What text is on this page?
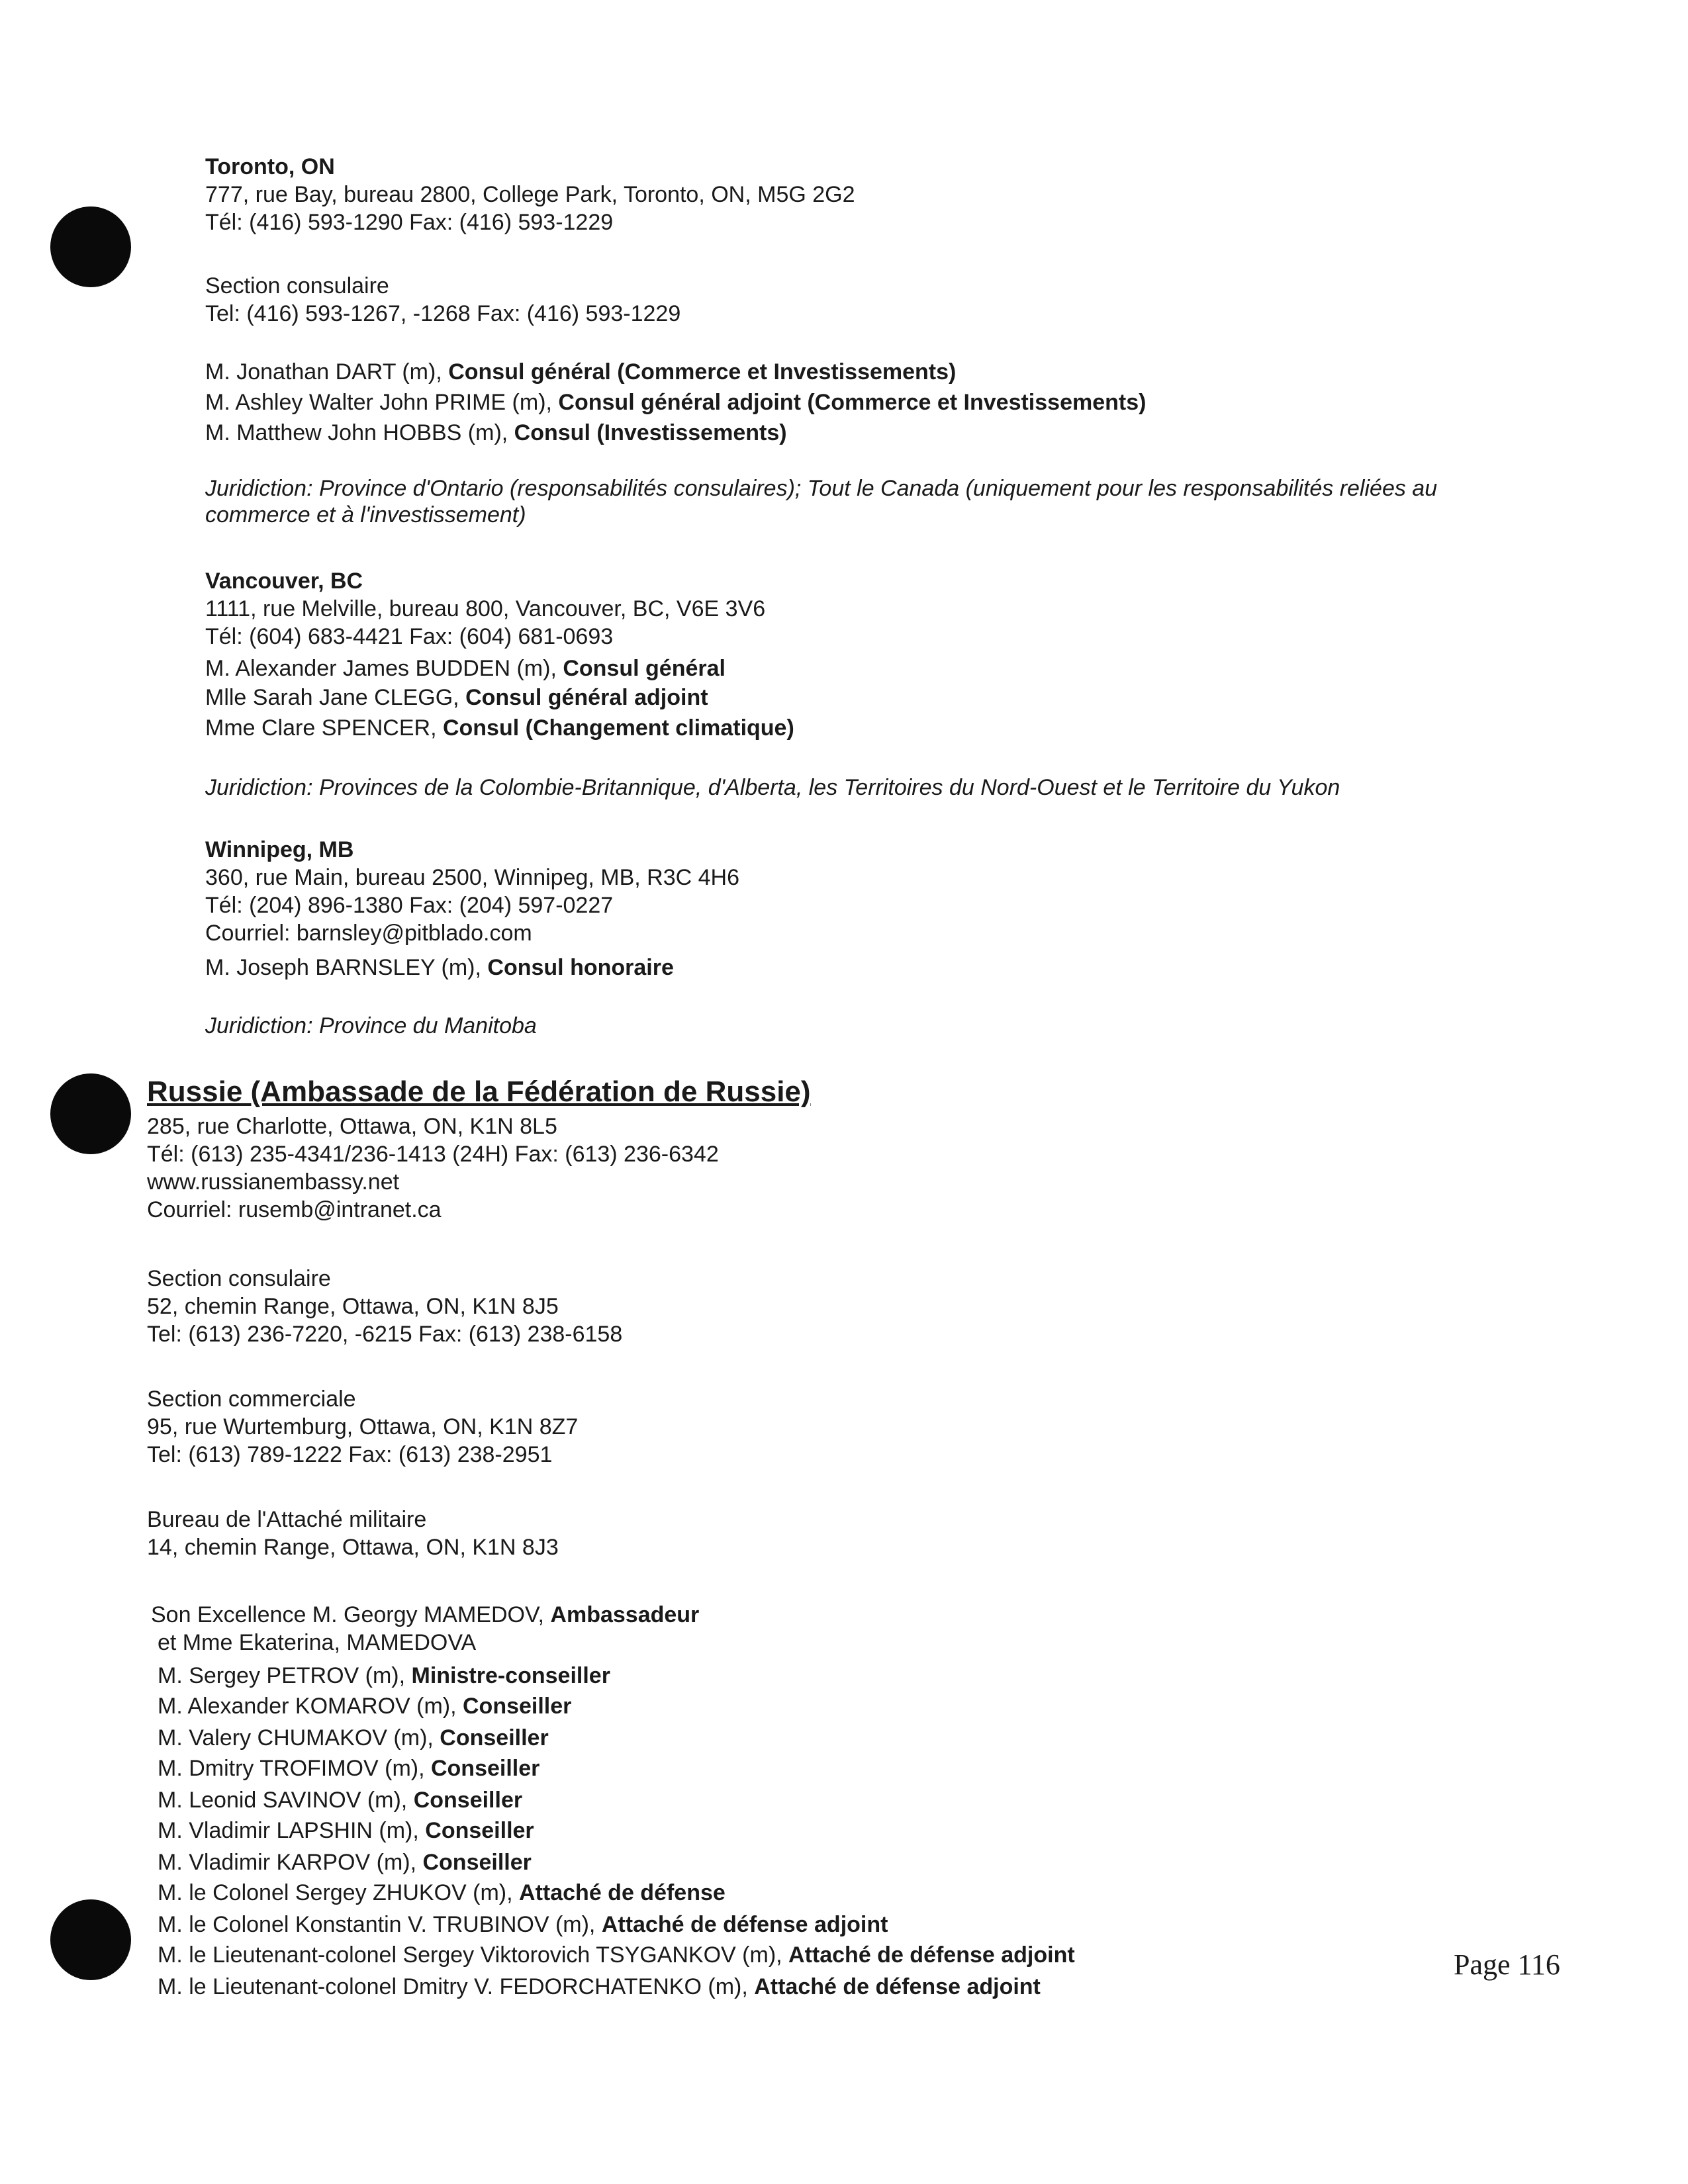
Toronto, ON
777, rue Bay, bureau 2800, College Park, Toronto, ON, M5G 2G2
Tél: (416) 593-1290 Fax: (416) 593-1229
Section consulaire
Tel: (416) 593-1267, -1268 Fax: (416) 593-1229
M. Jonathan DART (m), Consul général (Commerce et Investissements)
M. Ashley Walter John PRIME (m), Consul général adjoint (Commerce et Investissements)
M. Matthew John HOBBS (m), Consul (Investissements)
Juridiction: Province d'Ontario (responsabilités consulaires); Tout le Canada (uniquement pour les responsabilités reliées au commerce et à l'investissement)
Vancouver, BC
1111, rue Melville, bureau 800, Vancouver, BC, V6E 3V6
Tél: (604) 683-4421 Fax: (604) 681-0693
M. Alexander James BUDDEN (m), Consul général
Mlle Sarah Jane CLEGG, Consul général adjoint
Mme Clare SPENCER, Consul (Changement climatique)
Juridiction: Provinces de la Colombie-Britannique, d'Alberta, les Territoires du Nord-Ouest et le Territoire du Yukon
Winnipeg, MB
360, rue Main, bureau 2500, Winnipeg, MB, R3C 4H6
Tél: (204) 896-1380 Fax: (204) 597-0227
Courriel: barnsley@pitblado.com
M. Joseph BARNSLEY (m), Consul honoraire
Juridiction: Province du Manitoba
Russie (Ambassade de la Fédération de Russie)
285, rue Charlotte, Ottawa, ON, K1N 8L5
Tél: (613) 235-4341/236-1413 (24H) Fax: (613) 236-6342
www.russianembassy.net
Courriel: rusemb@intranet.ca
Section consulaire
52, chemin Range, Ottawa, ON, K1N 8J5
Tel: (613) 236-7220, -6215 Fax: (613) 238-6158
Section commerciale
95, rue Wurtemburg, Ottawa, ON, K1N 8Z7
Tel: (613) 789-1222 Fax: (613) 238-2951
Bureau de l'Attaché militaire
14, chemin Range, Ottawa, ON, K1N 8J3
Son Excellence M. Georgy MAMEDOV, Ambassadeur
et Mme Ekaterina, MAMEDOVA
M. Sergey PETROV (m), Ministre-conseiller
M. Alexander KOMAROV (m), Conseiller
M. Valery CHUMAKOV (m), Conseiller
M. Dmitry TROFIMOV (m), Conseiller
M. Leonid SAVINOV (m), Conseiller
M. Vladimir LAPSHIN (m), Conseiller
M. Vladimir KARPOV (m), Conseiller
M. le Colonel Sergey ZHUKOV (m), Attaché de défense
M. le Colonel Konstantin V. TRUBINOV (m), Attaché de défense adjoint
M. le Lieutenant-colonel Sergey Viktorovich TSYGANKOV (m), Attaché de défense adjoint
M. le Lieutenant-colonel Dmitry V. FEDORCHATENKO (m), Attaché de défense adjoint
Page 116
